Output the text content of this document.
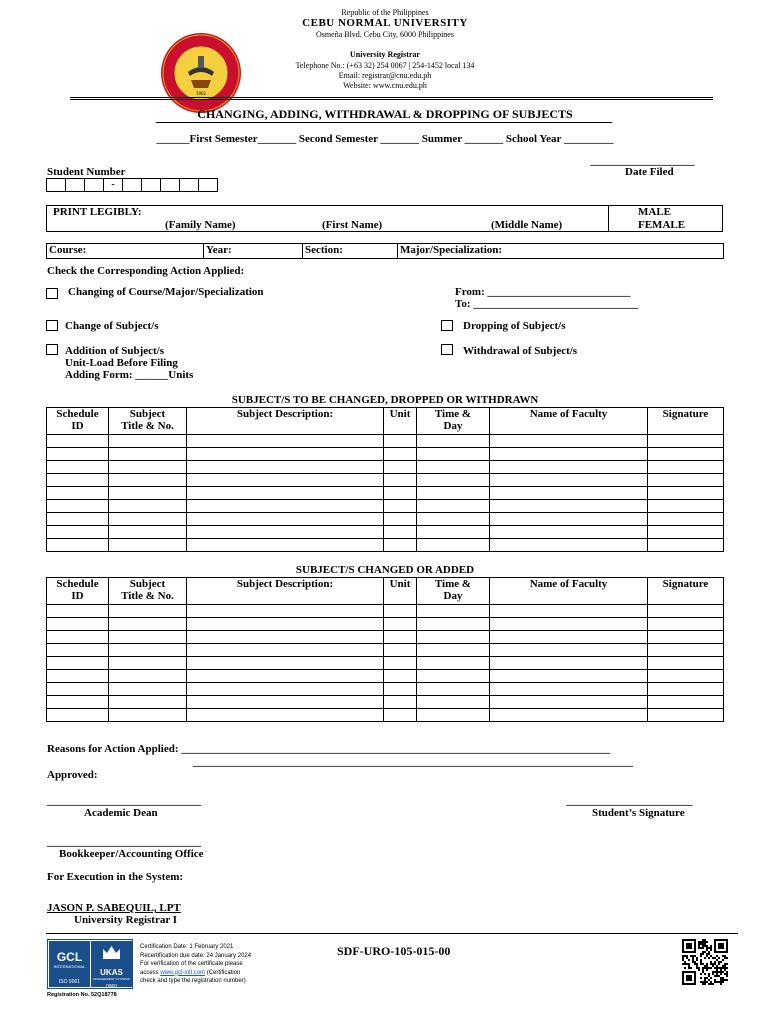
Republic of the Philippines
CEBU NORMAL UNIVERSITY
Osmeña Blvd. Cebu City, 6000 Philippines
University Registrar
Telephone No.: (+63 32) 254 0067 | 254-1452 local 134
Email: registrar@cnu.edu.ph
Website: www.cnu.edu.ph
1902
CHANGING, ADDING, WITHDRAWAL & DROPPING OF SUBJECTS
______First Semester_______ Second Semester _______ Summer _______ School Year _________
___________________
Date Filed
Student Number
			-					
PRINT LEGIBLY:
(Family Name)	(First Name)	(Middle Name)
MALE
FEMALE
Course:	Year:	Section:	Major/Specialization:
Check the Corresponding Action Applied:
Changing of Course/Major/Specialization	From: __________________________
To: ______________________________
Change of Subject/s	Dropping of Subject/s
Addition of Subject/s
Unit-Load Before Filing
Adding Form: ______Units
Withdrawal of Subject/s
SUBJECT/S TO BE CHANGED, DROPPED OR WITHDRAWN
Schedule
ID	Subject
Title & No.	Subject Description:	Unit	Time &
Day	Name of Faculty	Signature

SUBJECT/S CHANGED OR ADDED
Schedule
ID	Subject
Title & No.	Subject Description:	Unit	Time &
Day	Name of Faculty	Signature

Reasons for Action Applied: ______________________________________________________________________________
________________________________________________________________________________
Approved:
____________________________
Academic Dean
_______________________
Student’s Signature
____________________________
Bookkeeper/Accounting Office
For Execution in the System:
JASON P. SABEQUIL, LPT
University Registrar I
GCL
INTERNATIONAL
ISO 9001
UKAS
MANAGEMENT SYSTEMS
0960
Certification Date: 1 February 2021
Recertification due date: 24 January 2024
For verification of the certificate please
access www.gcl-intl.com (Certification
check and type the registration number)
SDF-URO-105-015-00
Registration No. 52Q18778
